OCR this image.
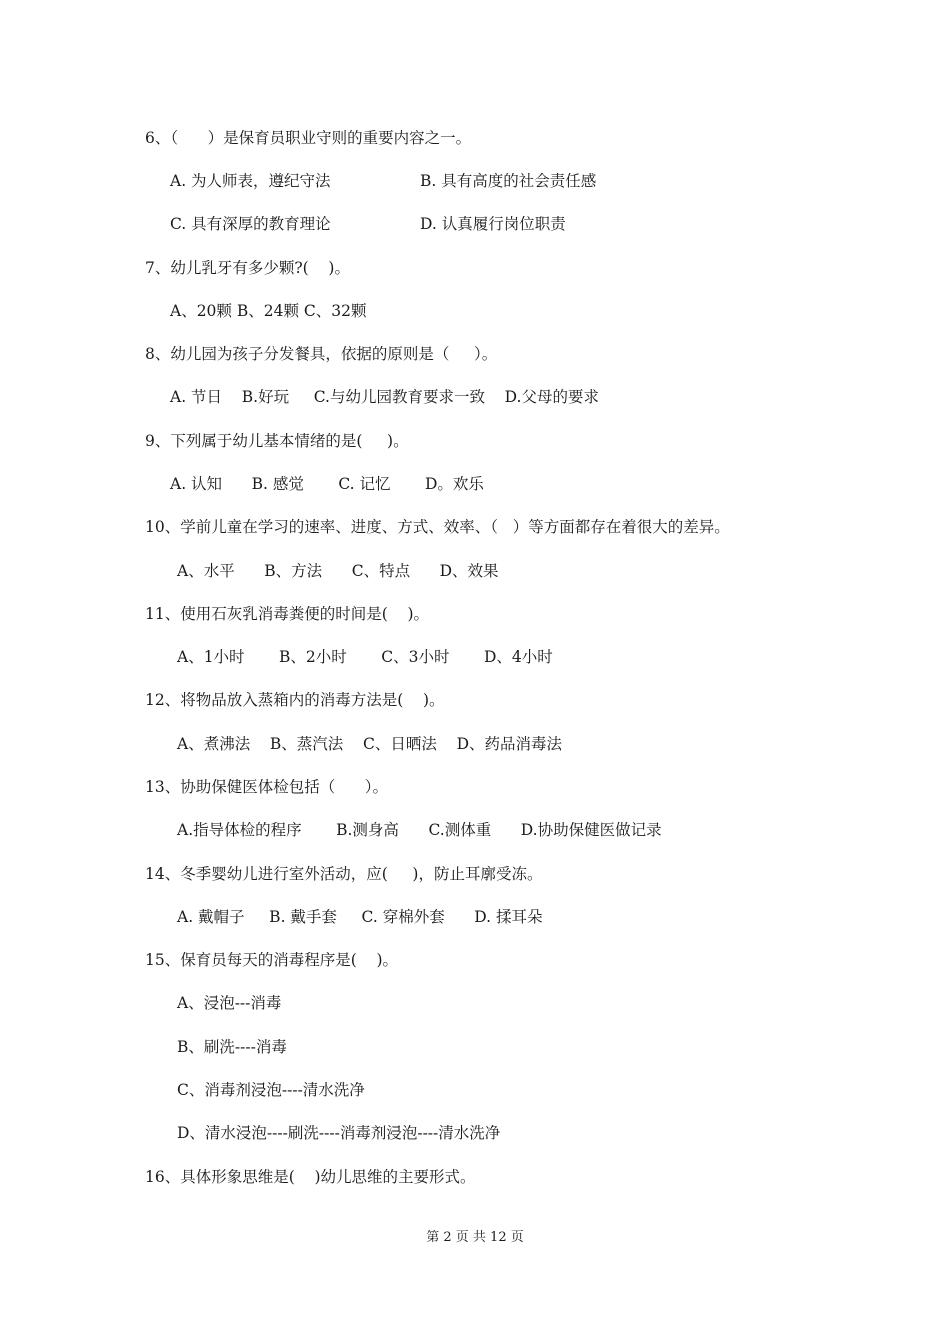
6、（      ）是保育员职业守则的重要内容之一。
A. 为人师表，遵纪守法	B. 具有高度的社会责任感
C. 具有深厚的教育理论	D. 认真履行岗位职责
7、幼儿乳牙有多少颗?(    )。
A、20颗 B、24颗 C、32颗
8、幼儿园为孩子分发餐具，依据的原则是（     ）。
A. 节日    B.好玩     C.与幼儿园教育要求一致    D.父母的要求
9、下列属于幼儿基本情绪的是(     )。
A. 认知      B. 感觉       C. 记忆       D。欢乐
10、学前儿童在学习的速率、进度、方式、效率、（   ）等方面都存在着很大的差异。
A、水平      B、方法      C、特点      D、效果
11、使用石灰乳消毒粪便的时间是(    )。
A、1小时       B、2小时       C、3小时       D、4小时
12、将物品放入蒸箱内的消毒方法是(    )。
A、煮沸法    B、蒸汽法    C、日晒法    D、药品消毒法
13、协助保健医体检包括（      ）。
A.指导体检的程序       B.测身高      C.测体重      D.协助保健医做记录
14、冬季婴幼儿进行室外活动，应(     )，防止耳廓受冻。
A. 戴帽子     B. 戴手套     C. 穿棉外套      D. 揉耳朵
15、保育员每天的消毒程序是(    )。
A、浸泡---消毒
B、刷洗----消毒
C、消毒剂浸泡----清水洗净
D、清水浸泡----刷洗----消毒剂浸泡----清水洗净
16、具体形象思维是(    )幼儿思维的主要形式。
第 2 页 共 12 页
